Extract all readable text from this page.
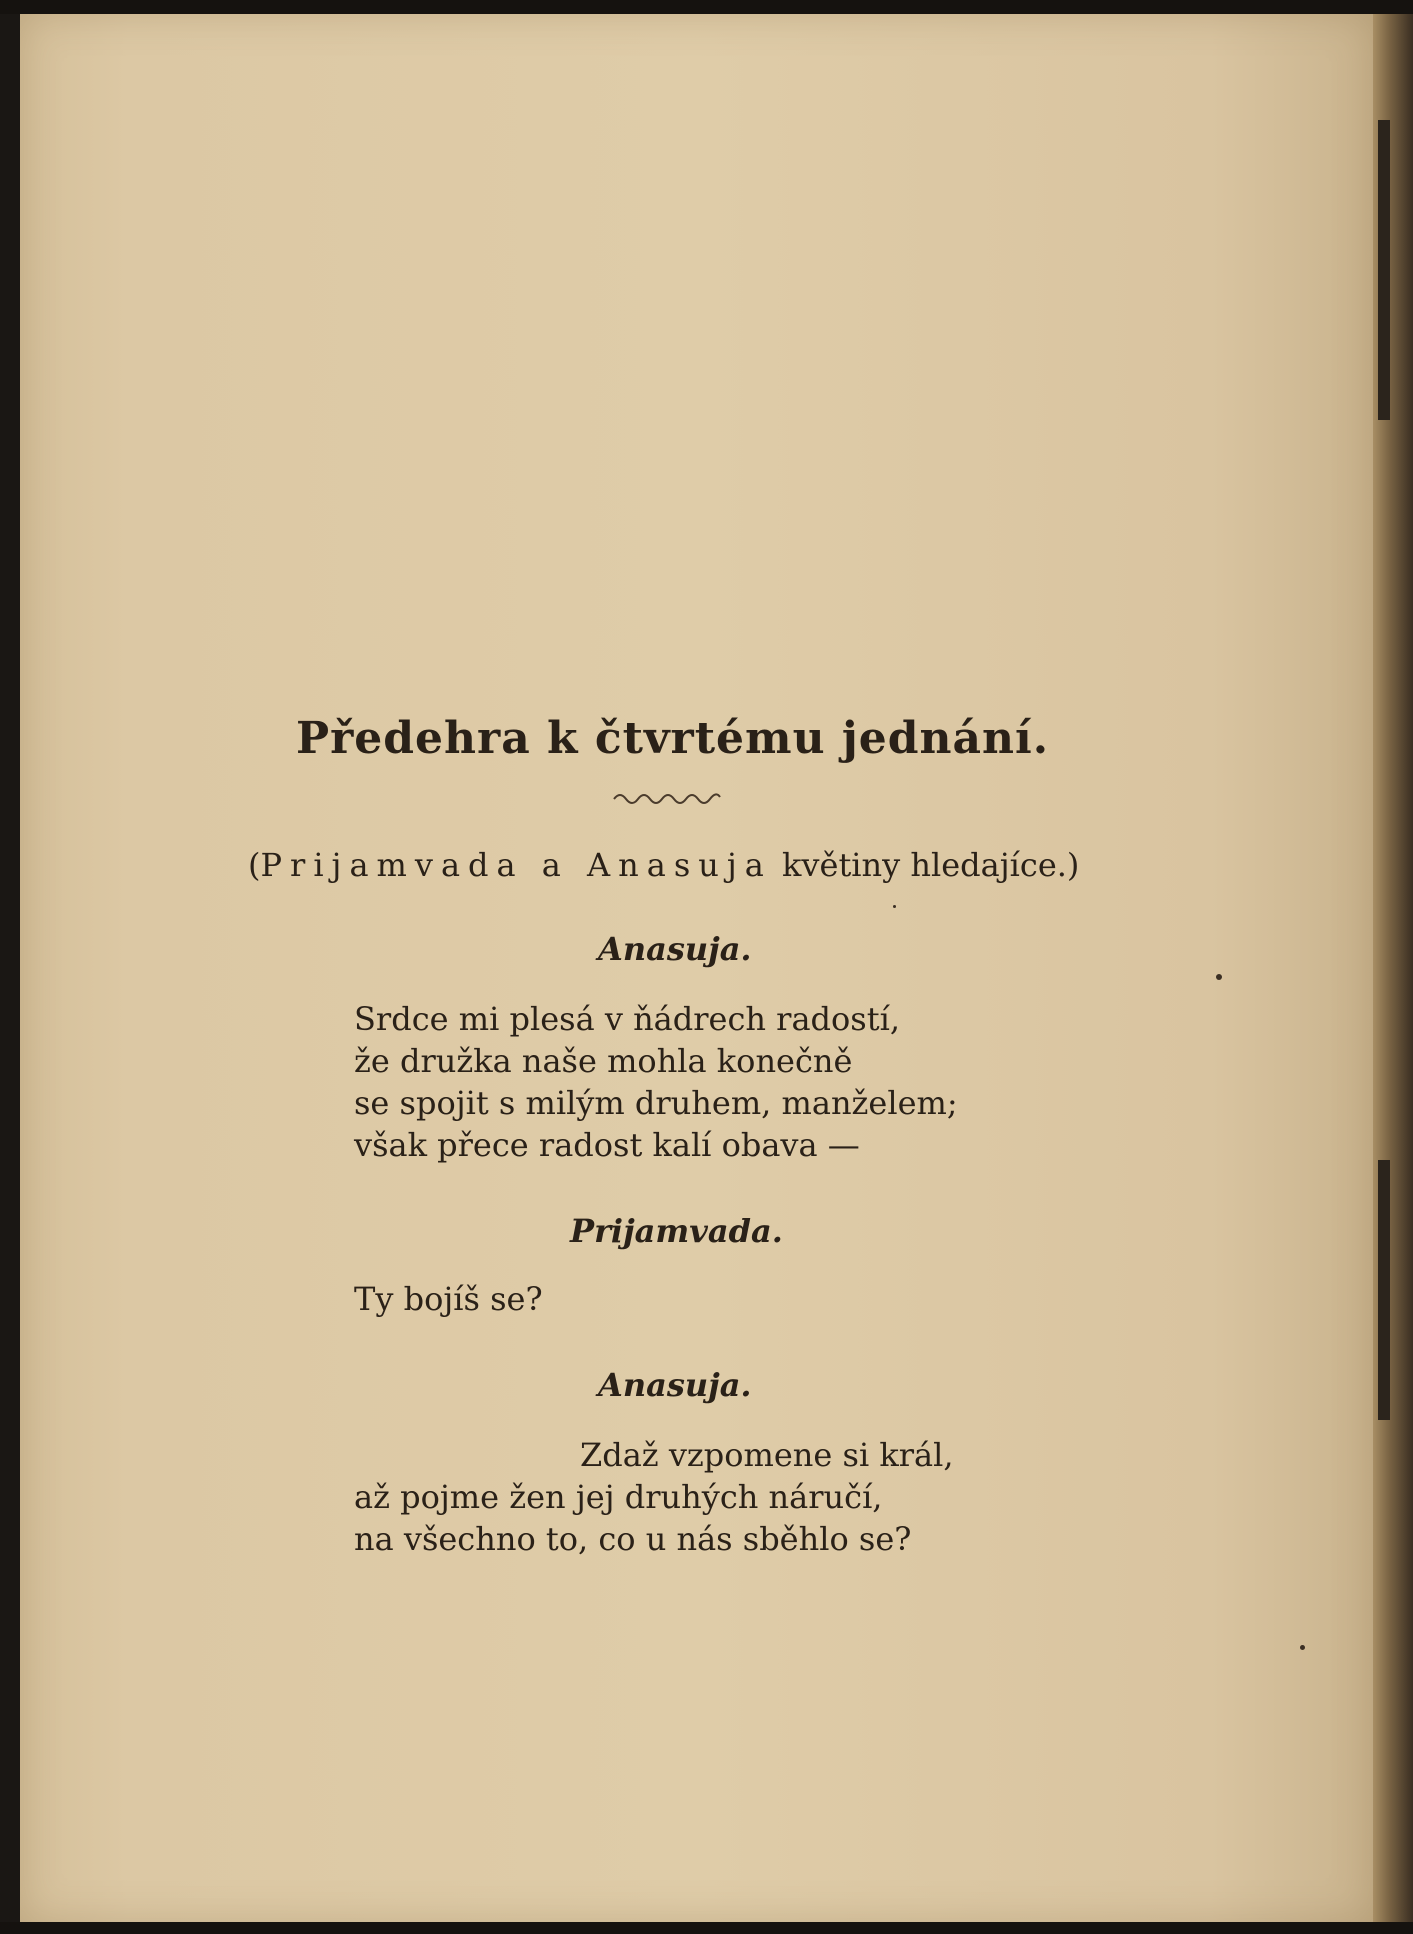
Předehra k čtvrtému jednání.

(Prijamvada a Anasuja květiny hledajíce.)

Anasuja.
Srdce mi plesá v ňádrech radostí,
že družka naše mohla konečně
se spojit s milým druhem, manželem;
však přece radost kalí obava —
Prijamvada.
Ty bojíš se?
Anasuja.
Zdaž vzpomene si král,
až pojme žen jej druhých náručí,
na všechno to, co u nás sběhlo se?
